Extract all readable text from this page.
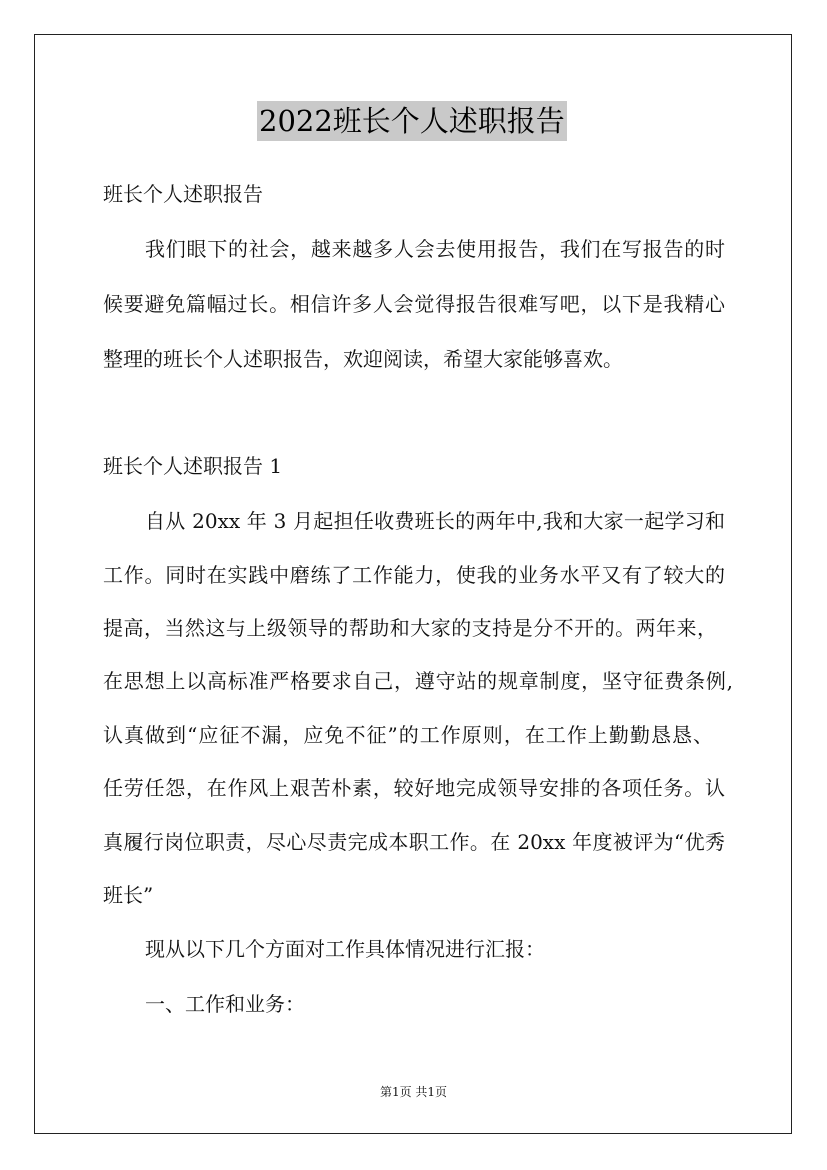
2022班长个人述职报告
班长个人述职报告
我们眼下的社会，越来越多人会去使用报告，我们在写报告的时
候要避免篇幅过长。相信许多人会觉得报告很难写吧，以下是我精心
整理的班长个人述职报告，欢迎阅读，希望大家能够喜欢。
班长个人述职报告 1
自从 20xx 年 3 月起担任收费班长的两年中,我和大家一起学习和
工作。同时在实践中磨练了工作能力，使我的业务水平又有了较大的
提高，当然这与上级领导的帮助和大家的支持是分不开的。两年来，
在思想上以高标准严格要求自己，遵守站的规章制度，坚守征费条例,
认真做到“应征不漏，应免不征”的工作原则，在工作上勤勤恳恳、
任劳任怨，在作风上艰苦朴素，较好地完成领导安排的各项任务。认
真履行岗位职责，尽心尽责完成本职工作。在 20xx 年度被评为“优秀
班长”
现从以下几个方面对工作具体情况进行汇报：
一、工作和业务：
第1页 共1页
